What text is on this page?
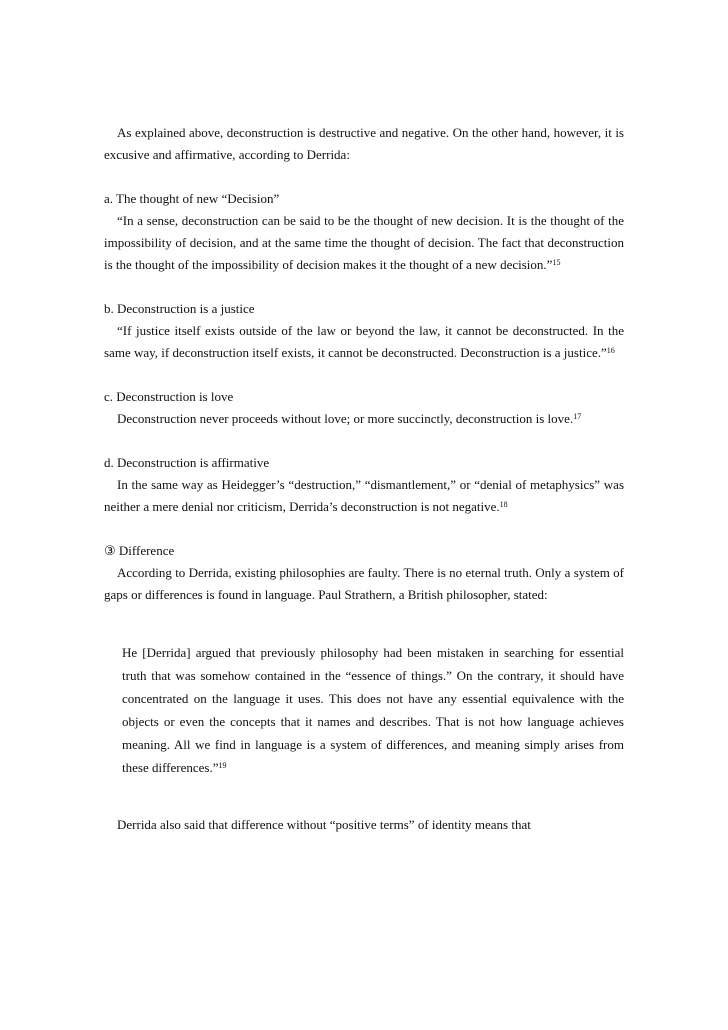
As explained above, deconstruction is destructive and negative. On the other hand, however, it is excusive and affirmative, according to Derrida:

a. The thought of new “Decision”

“In a sense, deconstruction can be said to be the thought of new decision. It is the thought of the impossibility of decision, and at the same time the thought of decision. The fact that deconstruction is the thought of the impossibility of decision makes it the thought of a new decision.”$^{15}$

b. Deconstruction is a justice

“If justice itself exists outside of the law or beyond the law, it cannot be deconstructed. In the same way, if deconstruction itself exists, it cannot be deconstructed. Deconstruction is a justice.”$^{16}$

c. Deconstruction is love

Deconstruction never proceeds without love; or more succinctly, deconstruction is love.$^{17}$

d. Deconstruction is affirmative

In the same way as Heidegger’s “destruction,” “dismantlement,” or “denial of metaphysics” was neither a mere denial nor criticism, Derrida’s deconstruction is not negative.$^{18}$

③ Difference

According to Derrida, existing philosophies are faulty. There is no eternal truth. Only a system of gaps or differences is found in language. Paul Strathern, a British philosopher, stated:

He [Derrida] argued that previously philosophy had been mistaken in searching for essential truth that was somehow contained in the “essence of things.” On the contrary, it should have concentrated on the language it uses. This does not have any essential equivalence with the objects or even the concepts that it names and describes. That is not how language achieves meaning. All we find in language is a system of differences, and meaning simply arises from these differences.”$^{19}$

Derrida also said that difference without “positive terms” of identity means that
